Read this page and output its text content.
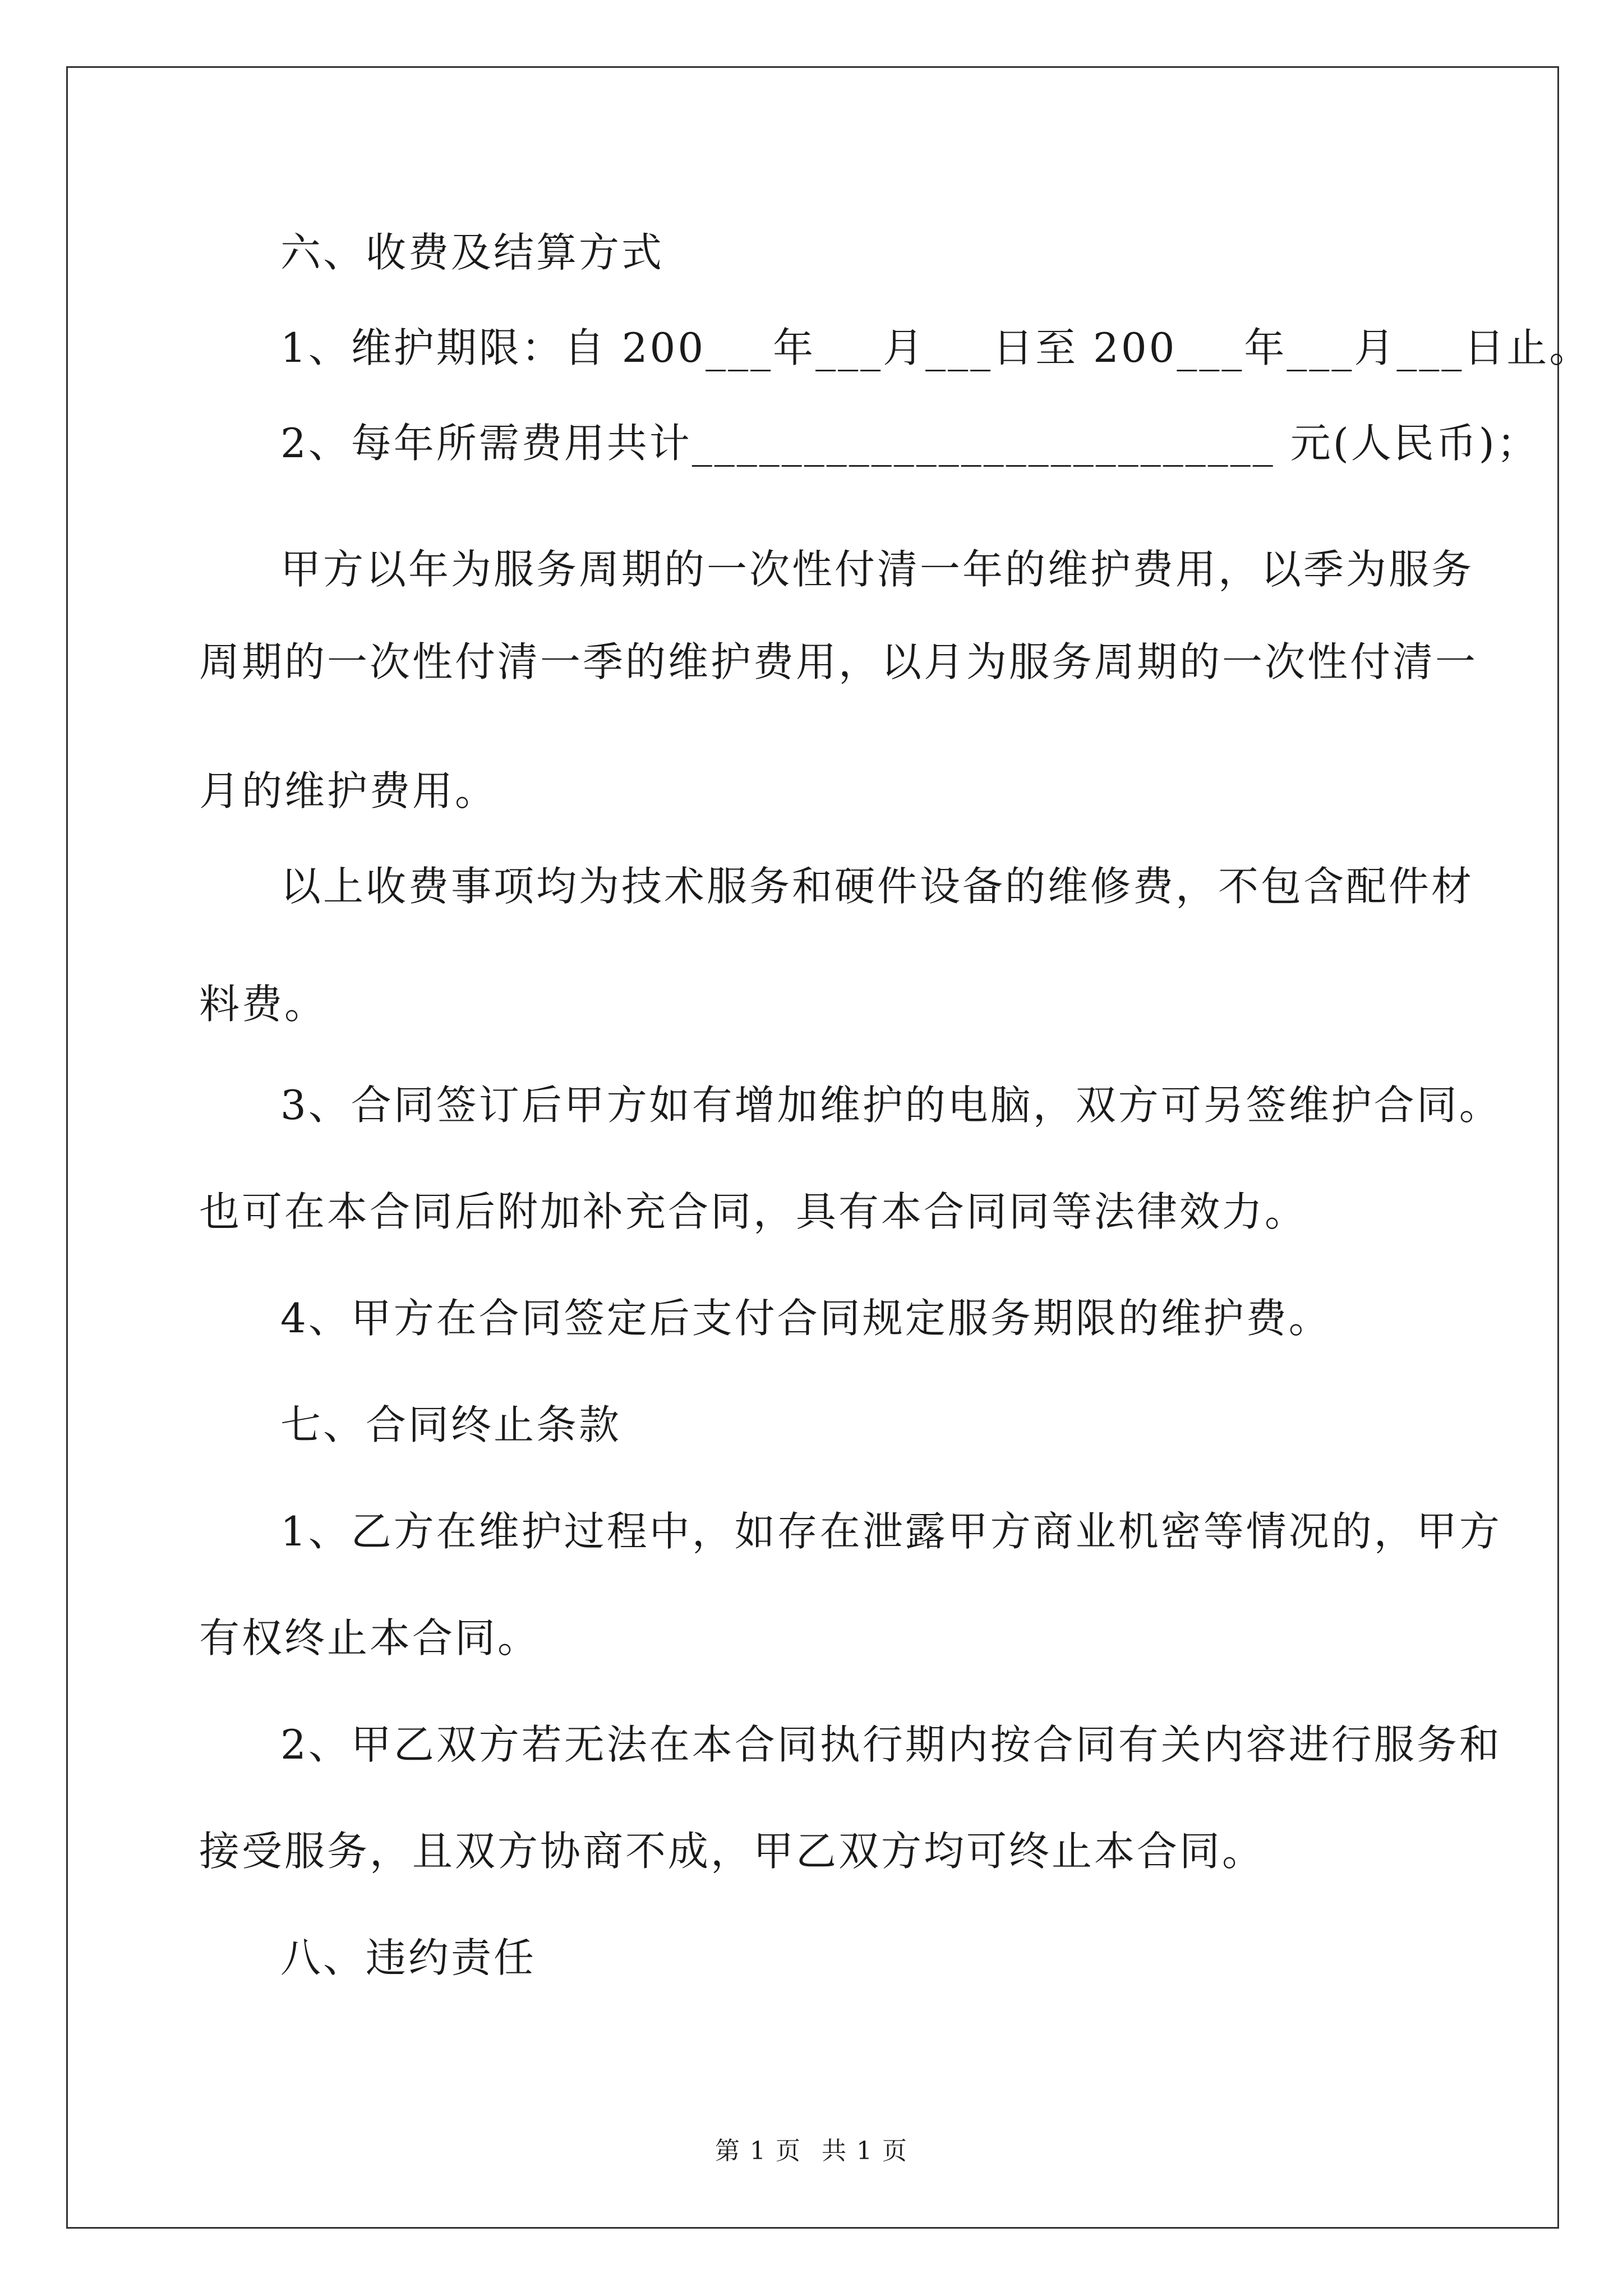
六、收费及结算方式
1、维护期限：自 200___年___月___日至 200___年___月___日止。
2、每年所需费用共计__________________________ 元(人民币)；
甲方以年为服务周期的一次性付清一年的维护费用，以季为服务
周期的一次性付清一季的维护费用，以月为服务周期的一次性付清一
月的维护费用。
以上收费事项均为技术服务和硬件设备的维修费，不包含配件材
料费。
3、合同签订后甲方如有增加维护的电脑，双方可另签维护合同。
也可在本合同后附加补充合同，具有本合同同等法律效力。
4、甲方在合同签定后支付合同规定服务期限的维护费。
七、合同终止条款
1、乙方在维护过程中，如存在泄露甲方商业机密等情况的，甲方
有权终止本合同。
2、甲乙双方若无法在本合同执行期内按合同有关内容进行服务和
接受服务，且双方协商不成，甲乙双方均可终止本合同。
八、违约责任
第 1 页 共 1 页
